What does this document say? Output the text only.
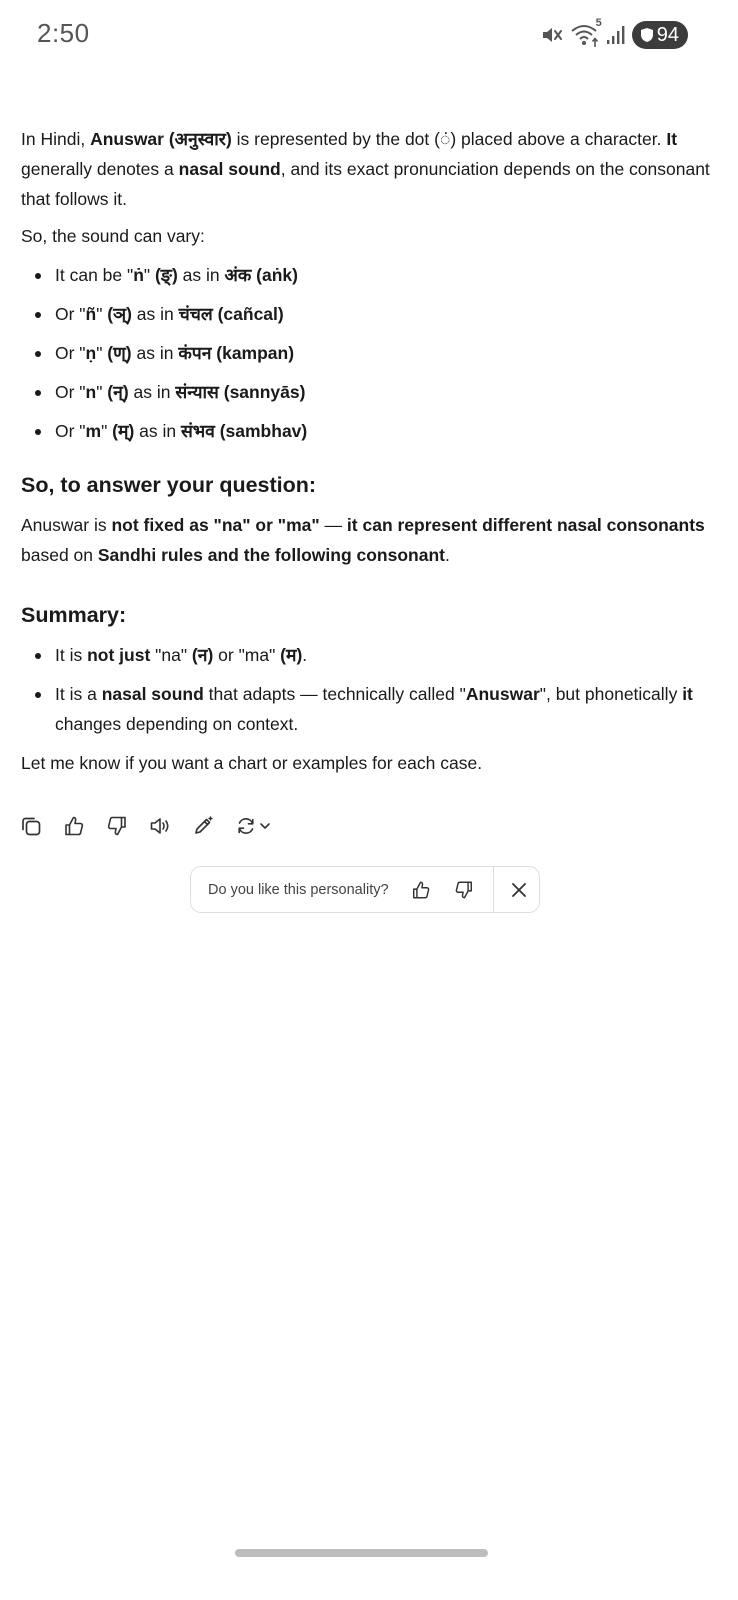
2:50	5
94

In Hindi, Anuswar (अनुस्वार) is represented by the dot (ं) placed above a character. It generally denotes a nasal sound, and its exact pronunciation depends on the consonant that follows it.

So, the sound can vary:

It can be "ṅ" (ङ्) as in अंक (aṅk)
Or "ñ" (ञ्) as in चंचल (cañcal)
Or "ṇ" (ण्) as in कंपन (kampan)
Or "n" (न्) as in संन्यास (sannyās)
Or "m" (म्) as in संभव (sambhav)
So, to answer your question:

Anuswar is not fixed as "na" or "ma" — it can represent different nasal consonants based on Sandhi rules and the following consonant.

Summary:
It is not just "na" (न) or "ma" (म).
It is a nasal sound that adapts — technically called "Anuswar", but phonetically it changes depending on context.

Let me know if you want a chart or examples for each case.

Do you like this personality?
